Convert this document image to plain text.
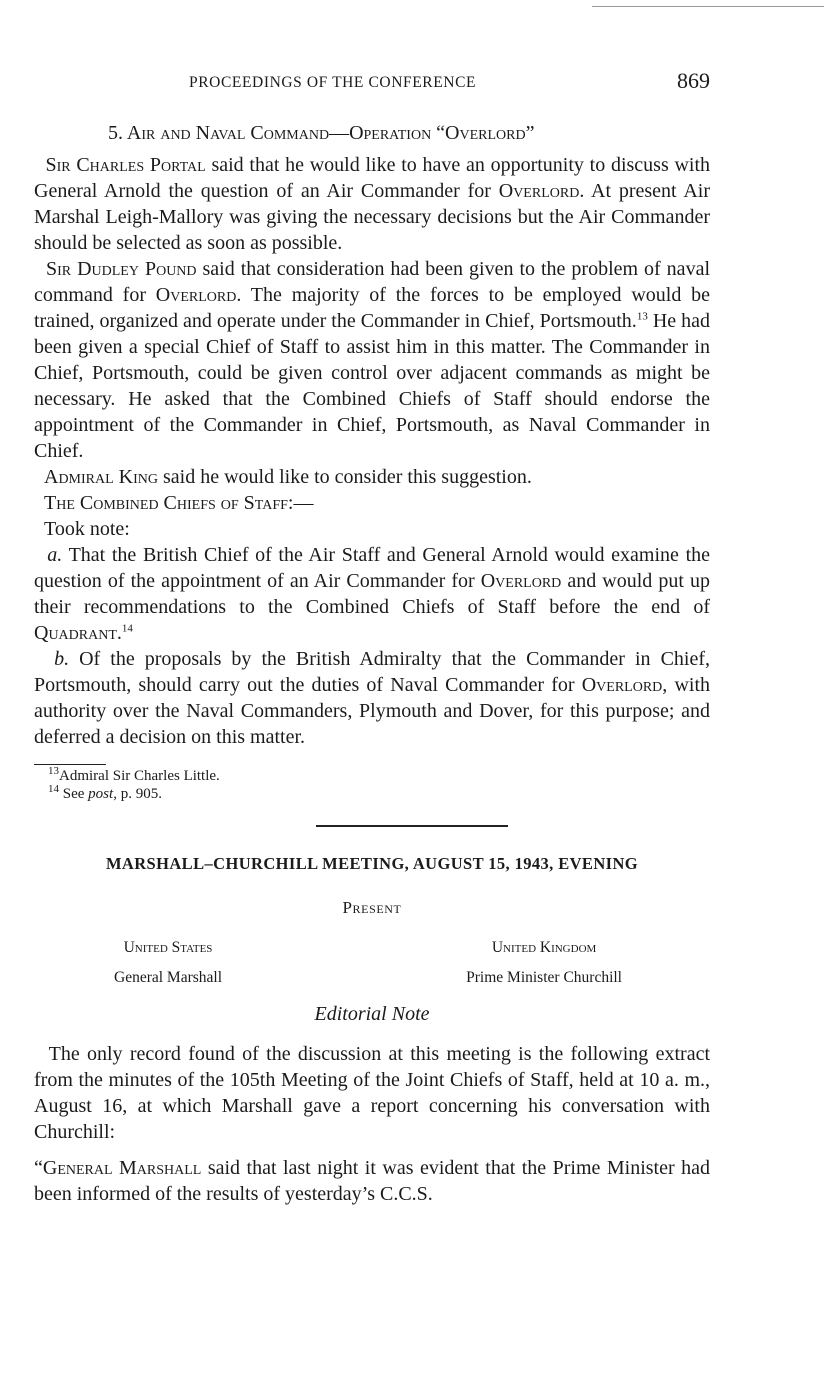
PROCEEDINGS OF THE CONFERENCE	869

5. Air and Naval Command—Operation “Overlord”

Sir Charles Portal said that he would like to have an opportunity to discuss with General Arnold the question of an Air Commander for Overlord. At present Air Marshal Leigh-Mallory was giving the necessary decisions but the Air Commander should be selected as soon as possible.

Sir Dudley Pound said that consideration had been given to the problem of naval command for Overlord. The majority of the forces to be employed would be trained, organized and operate under the Commander in Chief, Portsmouth.$^{13}$ He had been given a special Chief of Staff to assist him in this matter. The Commander in Chief, Portsmouth, could be given control over adjacent commands as might be necessary. He asked that the Combined Chiefs of Staff should endorse the appointment of the Commander in Chief, Portsmouth, as Naval Commander in Chief.

Admiral King said he would like to consider this suggestion.

The Combined Chiefs of Staff:—

Took note:

a. That the British Chief of the Air Staff and General Arnold would examine the question of the appointment of an Air Commander for Overlord and would put up their recommendations to the Combined Chiefs of Staff before the end of Quadrant.$^{14}$

b. Of the proposals by the British Admiralty that the Commander in Chief, Portsmouth, should carry out the duties of Naval Commander for Overlord, with authority over the Naval Commanders, Plymouth and Dover, for this purpose; and deferred a decision on this matter.

$^{13}$Admiral Sir Charles Little.
$^{14}$ See post, p. 905.
MARSHALL–CHURCHILL MEETING, AUGUST 15, 1943, EVENING
Present
United States
General Marshall
United Kingdom
Prime Minister Churchill
Editorial Note

The only record found of the discussion at this meeting is the following extract from the minutes of the 105th Meeting of the Joint Chiefs of Staff, held at 10 a. m., August 16, at which Marshall gave a report concerning his conversation with Churchill:

“General Marshall said that last night it was evident that the Prime Minister had been informed of the results of yesterday’s C.C.S.
